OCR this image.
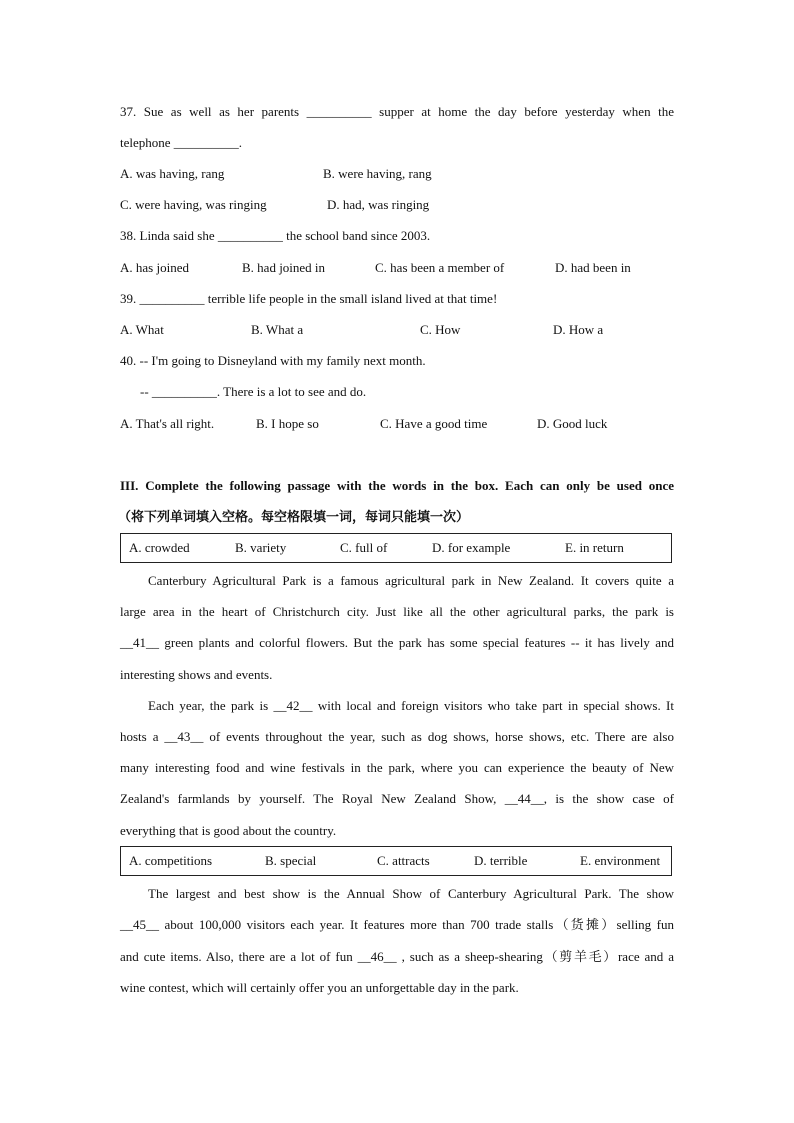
37. Sue as well as her parents __________ supper at home the day before yesterday when the
telephone __________.
A. was having, rang	B. were having, rang
C. were having, was ringing	D. had, was ringing
38. Linda said she __________ the school band since 2003.
A. has joined	B. had joined in	C. has been a member of	D. had been in
39. __________ terrible life people in the small island lived at that time!
A. What	B. What a	C. How	D. How a
40. -- I'm going to Disneyland with my family next month.
-- __________. There is a lot to see and do.
A. That's all right.	B. I hope so	C. Have a good time	D. Good luck
III. Complete the following passage with the words in the box. Each can only be used once
（将下列单词填入空格。每空格限填一词，每词只能填一次）
A. crowded	B. variety	C. full of	D. for example	E. in return
Canterbury Agricultural Park is a famous agricultural park in New Zealand. It covers quite a
large area in the heart of Christchurch city. Just like all the other agricultural parks, the park is
__41__ green plants and colorful flowers. But the park has some special features -- it has lively and
interesting shows and events.
Each year, the park is __42__ with local and foreign visitors who take part in special shows. It
hosts a __43__ of events throughout the year, such as dog shows, horse shows, etc. There are also
many interesting food and wine festivals in the park, where you can experience the beauty of New
Zealand's farmlands by yourself. The Royal New Zealand Show, __44__, is the show case of
everything that is good about the country.
A. competitions	B. special	C. attracts	D. terrible	E. environment
The largest and best show is the Annual Show of Canterbury Agricultural Park. The show
__45__ about 100,000 visitors each year. It features more than 700 trade stalls（货摊）selling fun
and cute items. Also, there are a lot of fun __46__ , such as a sheep-shearing（剪羊毛）race and a
wine contest, which will certainly offer you an unforgettable day in the park.
